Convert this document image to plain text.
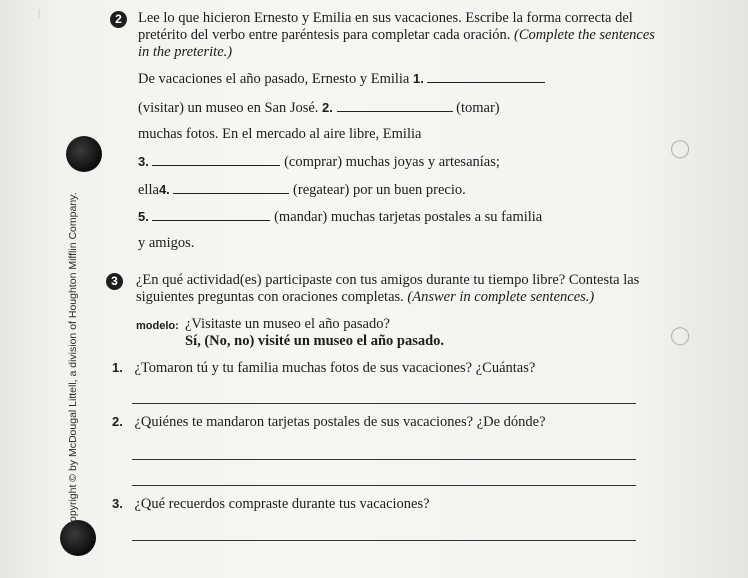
|
◯
◯
Copyright © by McDougal Littell, a division of Houghton Mifflin Company.
2	Lee lo que hicieron Ernesto y Emilia en sus vacaciones. Escribe la forma correcta del
pretérito del verbo entre paréntesis para completar cada oración. (Complete the sentences
in the preterite.)
De vacaciones el año pasado, Ernesto y Emilia 1.
(visitar) un museo en San José. 2.	(tomar)
muchas fotos. En el mercado al aire libre, Emilia
3.	(comprar) muchas joyas y artesanías;
ella4.	(regatear) por un buen precio.
5.	(mandar) muchas tarjetas postales a su familia
y amigos.
3	¿En qué actividad(es) participaste con tus amigos durante tu tiempo libre? Contesta las
siguientes preguntas con oraciones completas. (Answer in complete sentences.)
modelo: ¿Visitaste un museo el año pasado?
Sí, (No, no) visité un museo el año pasado.
1. ¿Tomaron tú y tu familia muchas fotos de sus vacaciones? ¿Cuántas?
2. ¿Quiénes te mandaron tarjetas postales de sus vacaciones? ¿De dónde?
3. ¿Qué recuerdos compraste durante tus vacaciones?
